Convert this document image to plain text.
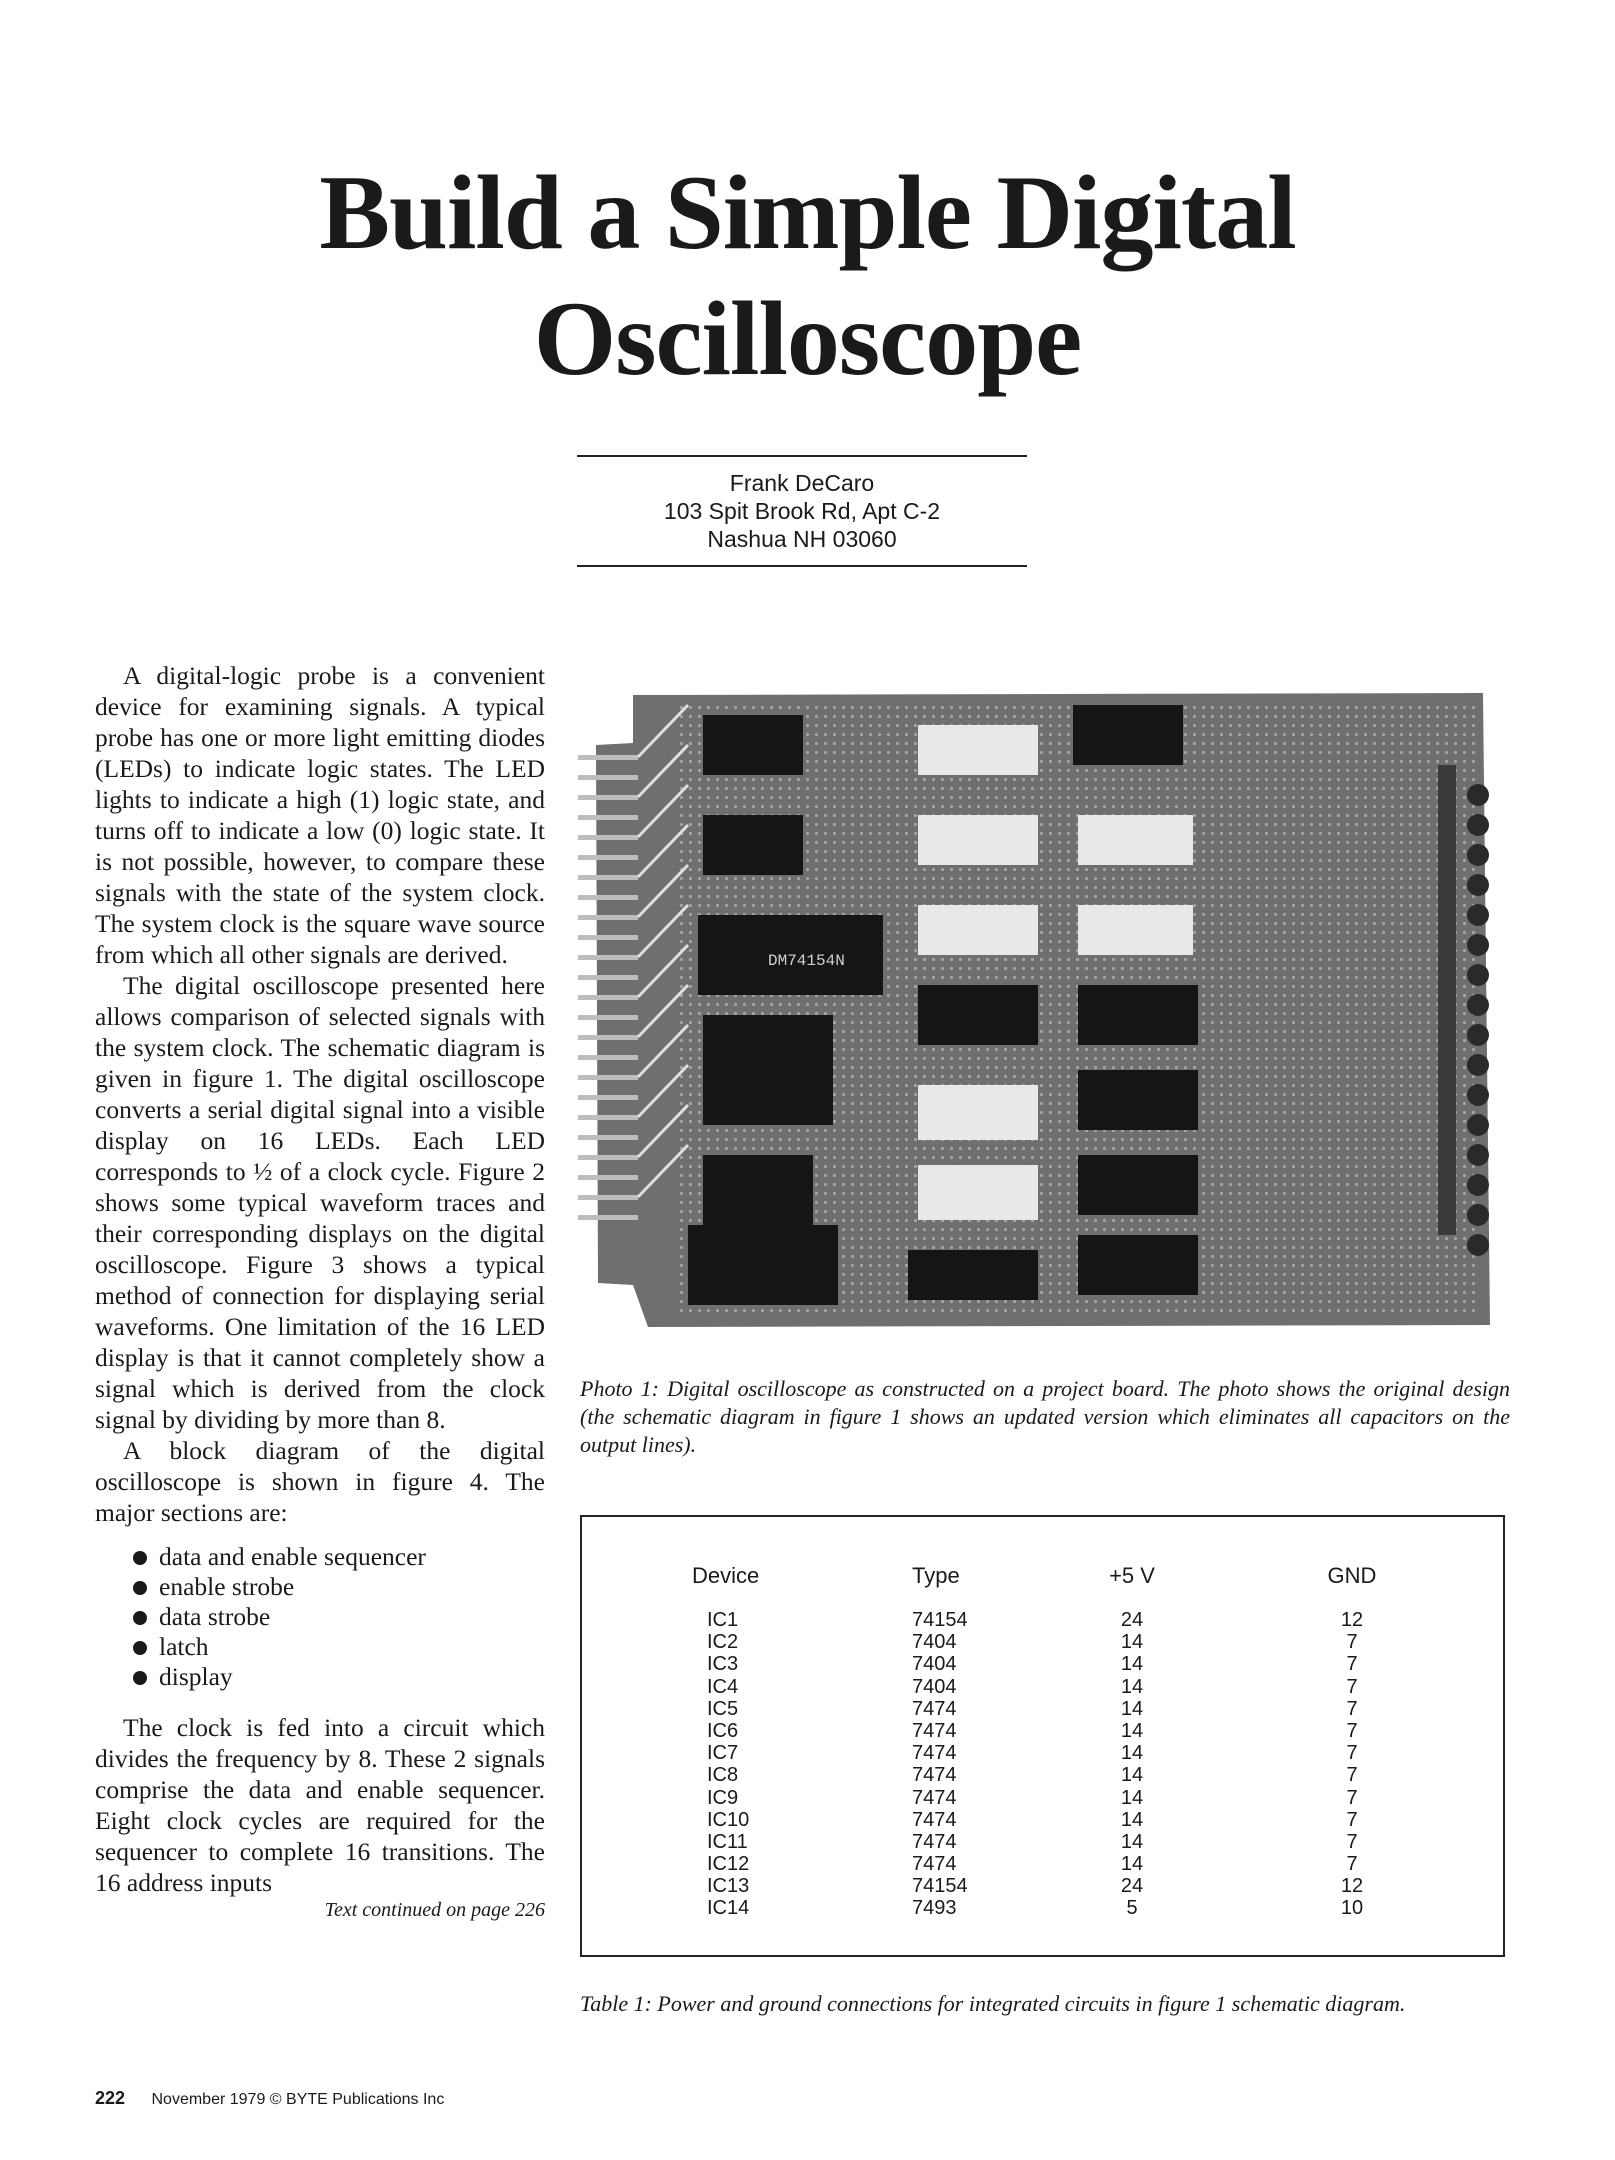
Build a Simple Digital
Oscilloscope
Frank DeCaro
103 Spit Brook Rd, Apt C-2
Nashua NH 03060

A digital-logic probe is a convenient device for examining signals. A typical probe has one or more light emitting diodes (LEDs) to indicate logic states. The LED lights to indicate a high (1) logic state, and turns off to indicate a low (0) logic state. It is not possible, however, to compare these signals with the state of the system clock. The system clock is the square wave source from which all other signals are derived.

The digital oscilloscope presented here allows comparison of selected signals with the system clock. The schematic diagram is given in figure 1. The digital oscilloscope converts a serial digital signal into a visible display on 16 LEDs. Each LED corresponds to ½ of a clock cycle. Figure 2 shows some typical waveform traces and their corresponding displays on the digital oscilloscope. Figure 3 shows a typical method of connection for displaying serial waveforms. One limitation of the 16 LED display is that it cannot completely show a signal which is derived from the clock signal by dividing by more than 8.

A block diagram of the digital oscilloscope is shown in figure 4. The major sections are:

data and enable sequencer
enable strobe
data strobe
latch
display

The clock is fed into a circuit which divides the frequency by 8. These 2 signals comprise the data and enable sequencer. Eight clock cycles are required for the sequencer to complete 16 transitions. The 16 address inputs

Text continued on page 226
DM74154N
Photo 1: Digital oscilloscope as constructed on a project board. The photo shows the original design (the schematic diagram in figure 1 shows an updated version which eliminates all capacitors on the output lines).
Device	Type	+5 V	GND
IC1	74154	24	12
IC2	7404	14	7
IC3	7404	14	7
IC4	7404	14	7
IC5	7474	14	7
IC6	7474	14	7
IC7	7474	14	7
IC8	7474	14	7
IC9	7474	14	7
IC10	7474	14	7
IC11	7474	14	7
IC12	7474	14	7
IC13	74154	24	12
IC14	7493	5	10
Table 1: Power and ground connections for integrated circuits in figure 1 schematic diagram.
222 November 1979 © BYTE Publications Inc
